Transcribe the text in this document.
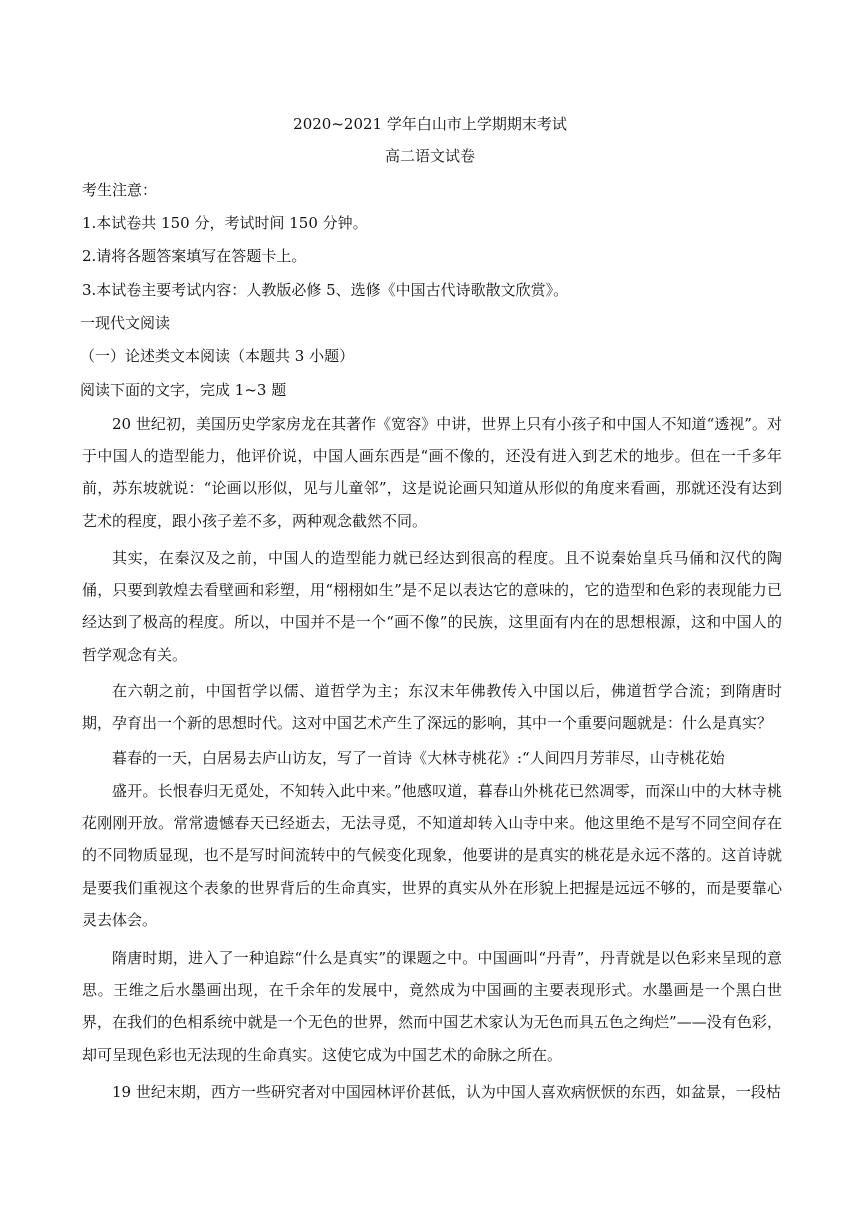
2020~2021 学年白山市上学期期末考试
高二语文试卷
考生注意：
1.本试卷共 150 分，考试时间 150 分钟。
2.请将各题答案填写在答题卡上。
3.本试卷主要考试内容：人教版必修 5、选修《中国古代诗歌散文欣赏》。
一现代文阅读
（一）论述类文本阅读（本题共 3 小题）
阅读下面的文字，完成 1~3 题

20 世纪初，美国历史学家房龙在其著作《宽容》中讲，世界上只有小孩子和中国人不知道“透视”。对于中国人的造型能力，他评价说，中国人画东西是“画不像的，还没有进入到艺术的地步。但在一千多年前，苏东坡就说：“论画以形似，见与儿童邻”，这是说论画只知道从形似的角度来看画，那就还没有达到艺术的程度，跟小孩子差不多，两种观念截然不同。

其实，在秦汉及之前，中国人的造型能力就已经达到很高的程度。且不说秦始皇兵马俑和汉代的陶俑，只要到敦煌去看壁画和彩塑，用“栩栩如生”是不足以表达它的意味的，它的造型和色彩的表现能力已经达到了极高的程度。所以，中国并不是一个“画不像”的民族，这里面有内在的思想根源，这和中国人的哲学观念有关。

在六朝之前，中国哲学以儒、道哲学为主；东汉末年佛教传入中国以后，佛道哲学合流；到隋唐时期，孕育出一个新的思想时代。这对中国艺术产生了深远的影响，其中一个重要问题就是：什么是真实？

暮春的一天，白居易去庐山访友，写了一首诗《大林寺桃花》:“人间四月芳菲尽，山寺桃花始

盛开。长恨春归无觅处，不知转入此中来。”他感叹道，暮春山外桃花已然凋零，而深山中的大林寺桃花刚刚开放。常常遗憾春天已经逝去，无法寻觅，不知道却转入山寺中来。他这里绝不是写不同空间存在的不同物质显现，也不是写时间流转中的气候变化现象，他要讲的是真实的桃花是永远不落的。这首诗就是要我们重视这个表象的世界背后的生命真实，世界的真实从外在形貌上把握是远远不够的，而是要靠心灵去体会。

隋唐时期，进入了一种追踪“什么是真实”的课题之中。中国画叫“丹青”，丹青就是以色彩来呈现的意思。王维之后水墨画出现，在千余年的发展中，竟然成为中国画的主要表现形式。水墨画是一个黑白世界，在我们的色相系统中就是一个无色的世界，然而中国艺术家认为无色而具五色之绚烂”——没有色彩，却可呈现色彩也无法现的生命真实。这使它成为中国艺术的命脉之所在。

19 世纪末期，西方一些研究者对中国园林评价甚低，认为中国人喜欢病恹恹的东西，如盆景，一段枯
